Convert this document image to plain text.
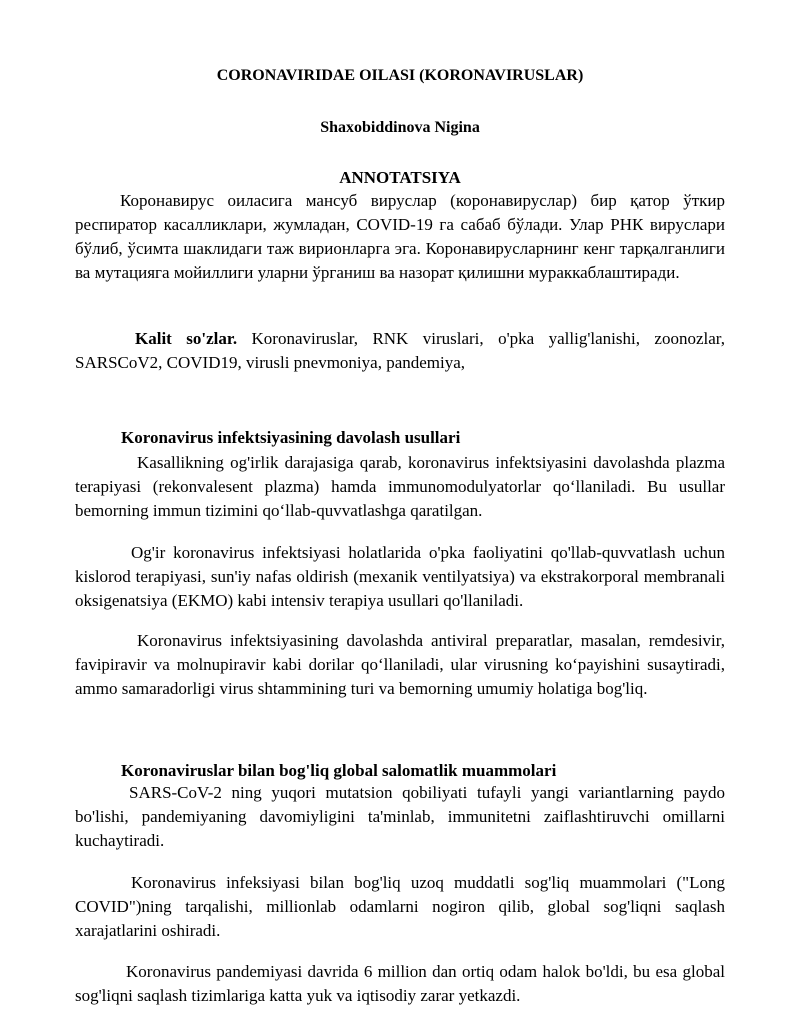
CORONAVIRIDAE OILASI (KORONAVIRUSLAR)
Shaxobiddinova Nigina
ANNOTATSIYA

Коронавирус оиласига мансуб вируслар (коронавируслар) бир қатор ўткир респиратор касалликлари, жумладан, COVID-19 га сабаб бўлади. Улар РНК вируслари бўлиб, ўсимта шаклидаги таж вирионларга эга. Коронавирусларнинг кенг тарқалганлиги ва мутацияга мойиллиги уларни ўрганиш ва назорат қилишни мураккаблаштиради.

Kalit so'zlar. Koronaviruslar, RNK viruslari, o'pka yallig'lanishi, zoonozlar, SARSCoV2, COVID19, virusli pnevmoniya, pandemiya,

Koronavirus infektsiyasining davolash usullari

Kasallikning og'irlik darajasiga qarab, koronavirus infektsiyasini davolashda plazma terapiyasi (rekonvalesent plazma) hamda immunomodulyatorlar qo‘llaniladi. Bu usullar bemorning immun tizimini qo‘llab-quvvatlashga qaratilgan.

Og'ir koronavirus infektsiyasi holatlarida o'pka faoliyatini qo'llab-quvvatlash uchun kislorod terapiyasi, sun'iy nafas oldirish (mexanik ventilyatsiya) va ekstrakorporal membranali oksigenatsiya (EKMO) kabi intensiv terapiya usullari qo'llaniladi.

Koronavirus infektsiyasining davolashda antiviral preparatlar, masalan, remdesivir, favipiravir va molnupiravir kabi dorilar qo‘llaniladi, ular virusning ko‘payishini susaytiradi, ammo samaradorligi virus shtammining turi va bemorning umumiy holatiga bog'liq.

Koronaviruslar bilan bog'liq global salomatlik muammolari

SARS-CoV-2 ning yuqori mutatsion qobiliyati tufayli yangi variantlarning paydo bo'lishi, pandemiyaning davomiyligini ta'minlab, immunitetni zaiflashtiruvchi omillarni kuchaytiradi.

Koronavirus infeksiyasi bilan bog'liq uzoq muddatli sog'liq muammolari ("Long COVID")ning tarqalishi, millionlab odamlarni nogiron qilib, global sog'liqni saqlash xarajatlarini oshiradi.

Koronavirus pandemiyasi davrida 6 million dan ortiq odam halok bo'ldi, bu esa global sog'liqni saqlash tizimlariga katta yuk va iqtisodiy zarar yetkazdi.
